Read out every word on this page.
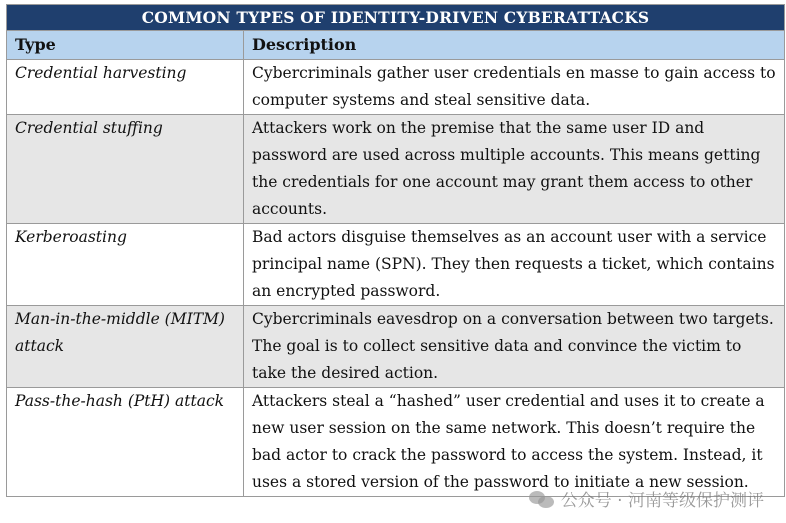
COMMON TYPES OF IDENTITY-DRIVEN CYBERATTACKS	
Type	Description
Credential harvesting	Cybercriminals gather user credentials en masse to gain access to computer systems and steal sensitive data.
Credential stuffing	Attackers work on the premise that the same user ID and password are used across multiple accounts. This means getting the credentials for one account may grant them access to other accounts.
Kerberoasting	Bad actors disguise themselves as an account user with a service principal name (SPN). They then requests a ticket, which contains an encrypted password.
Man-in-the-middle (MITM) attack	Cybercriminals eavesdrop on a conversation between two targets. The goal is to collect sensitive data and convince the victim to take the desired action.
Pass-the-hash (PtH) attack	Attackers steal a “hashed” user credential and uses it to create a new user session on the same network. This doesn’t require the bad actor to crack the password to access the system. Instead, it uses a stored version of the password to initiate a new session.
公众号 · 河南等级保护测评
